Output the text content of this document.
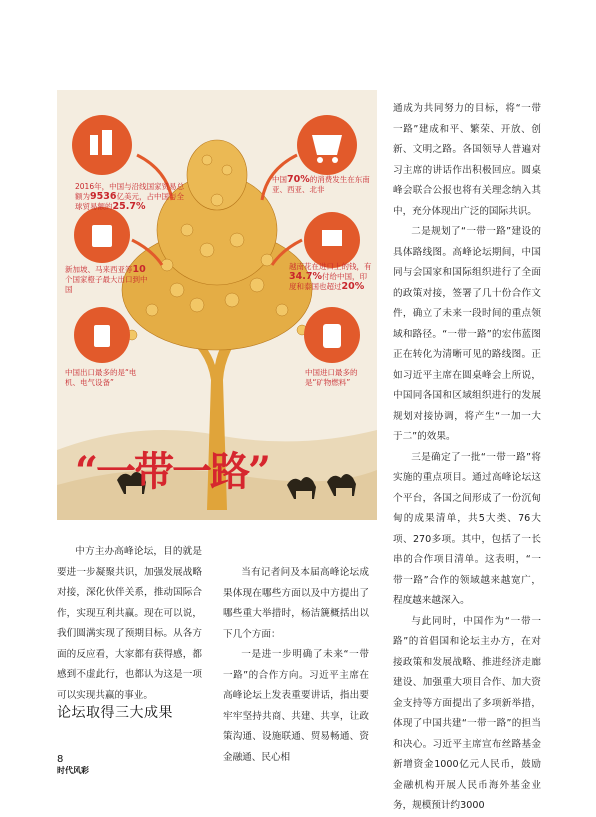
2016年，中国与沿线国家贸易总额为9536亿美元，占中国与全球贸易额的25.7%
中国70%的消费发生在东南亚、西亚、北非
新加坡、马来西亚等10个国家橙子最大出口到中国
越南花在进口上的钱，有34.7%付给中国，印度和泰国也超过20%
中国出口最多的是“电机、电气设备”
中国进口最多的是“矿物燃料”
“一带一路”

中方主办高峰论坛，目的就是要进一步凝聚共识，加强发展战略对接，深化伙伴关系，推动国际合作，实现互利共赢。现在可以说，我们圆满实现了预期目标。从各方面的反应看，大家都有获得感，都感到不虚此行，也都认为这是一项可以实现共赢的事业。

论坛取得三大成果

当有记者问及本届高峰论坛成果体现在哪些方面以及中方提出了哪些重大举措时，杨洁篪概括出以下几个方面：

一是进一步明确了未来“一带一路”的合作方向。习近平主席在高峰论坛上发表重要讲话，指出要牢牢坚持共商、共建、共享，让政策沟通、设施联通、贸易畅通、资金融通、民心相

通成为共同努力的目标，将“一带一路”建成和平、繁荣、开放、创新、文明之路。各国领导人普遍对习主席的讲话作出积极回应。圆桌峰会联合公报也将有关理念纳入其中，充分体现出广泛的国际共识。

二是规划了“一带一路”建设的具体路线图。高峰论坛期间，中国同与会国家和国际组织进行了全面的政策对接，签署了几十份合作文件，确立了未来一段时间的重点领域和路径。“一带一路”的宏伟蓝图正在转化为清晰可见的路线图。正如习近平主席在圆桌峰会上所说，中国同各国和区域组织进行的发展规划对接协调，将产生“一加一大于二”的效果。

三是确定了一批“一带一路”将实施的重点项目。通过高峰论坛这个平台，各国之间形成了一份沉甸甸的成果清单，共5大类、76大项、270多项。其中，包括了一长串的合作项目清单。这表明，“一带一路”合作的领域越来越宽广，程度越来越深入。

与此同时，中国作为“一带一路”的首倡国和论坛主办方，在对接政策和发展战略、推进经济走廊建设、加强重大项目合作、加大资金支持等方面提出了多项新举措，体现了中国共建“一带一路”的担当和决心。习近平主席宣布丝路基金新增资金1000亿元人民币，鼓励金融机构开展人民币海外基金业务，规模预计约3000

8
时代风彩
